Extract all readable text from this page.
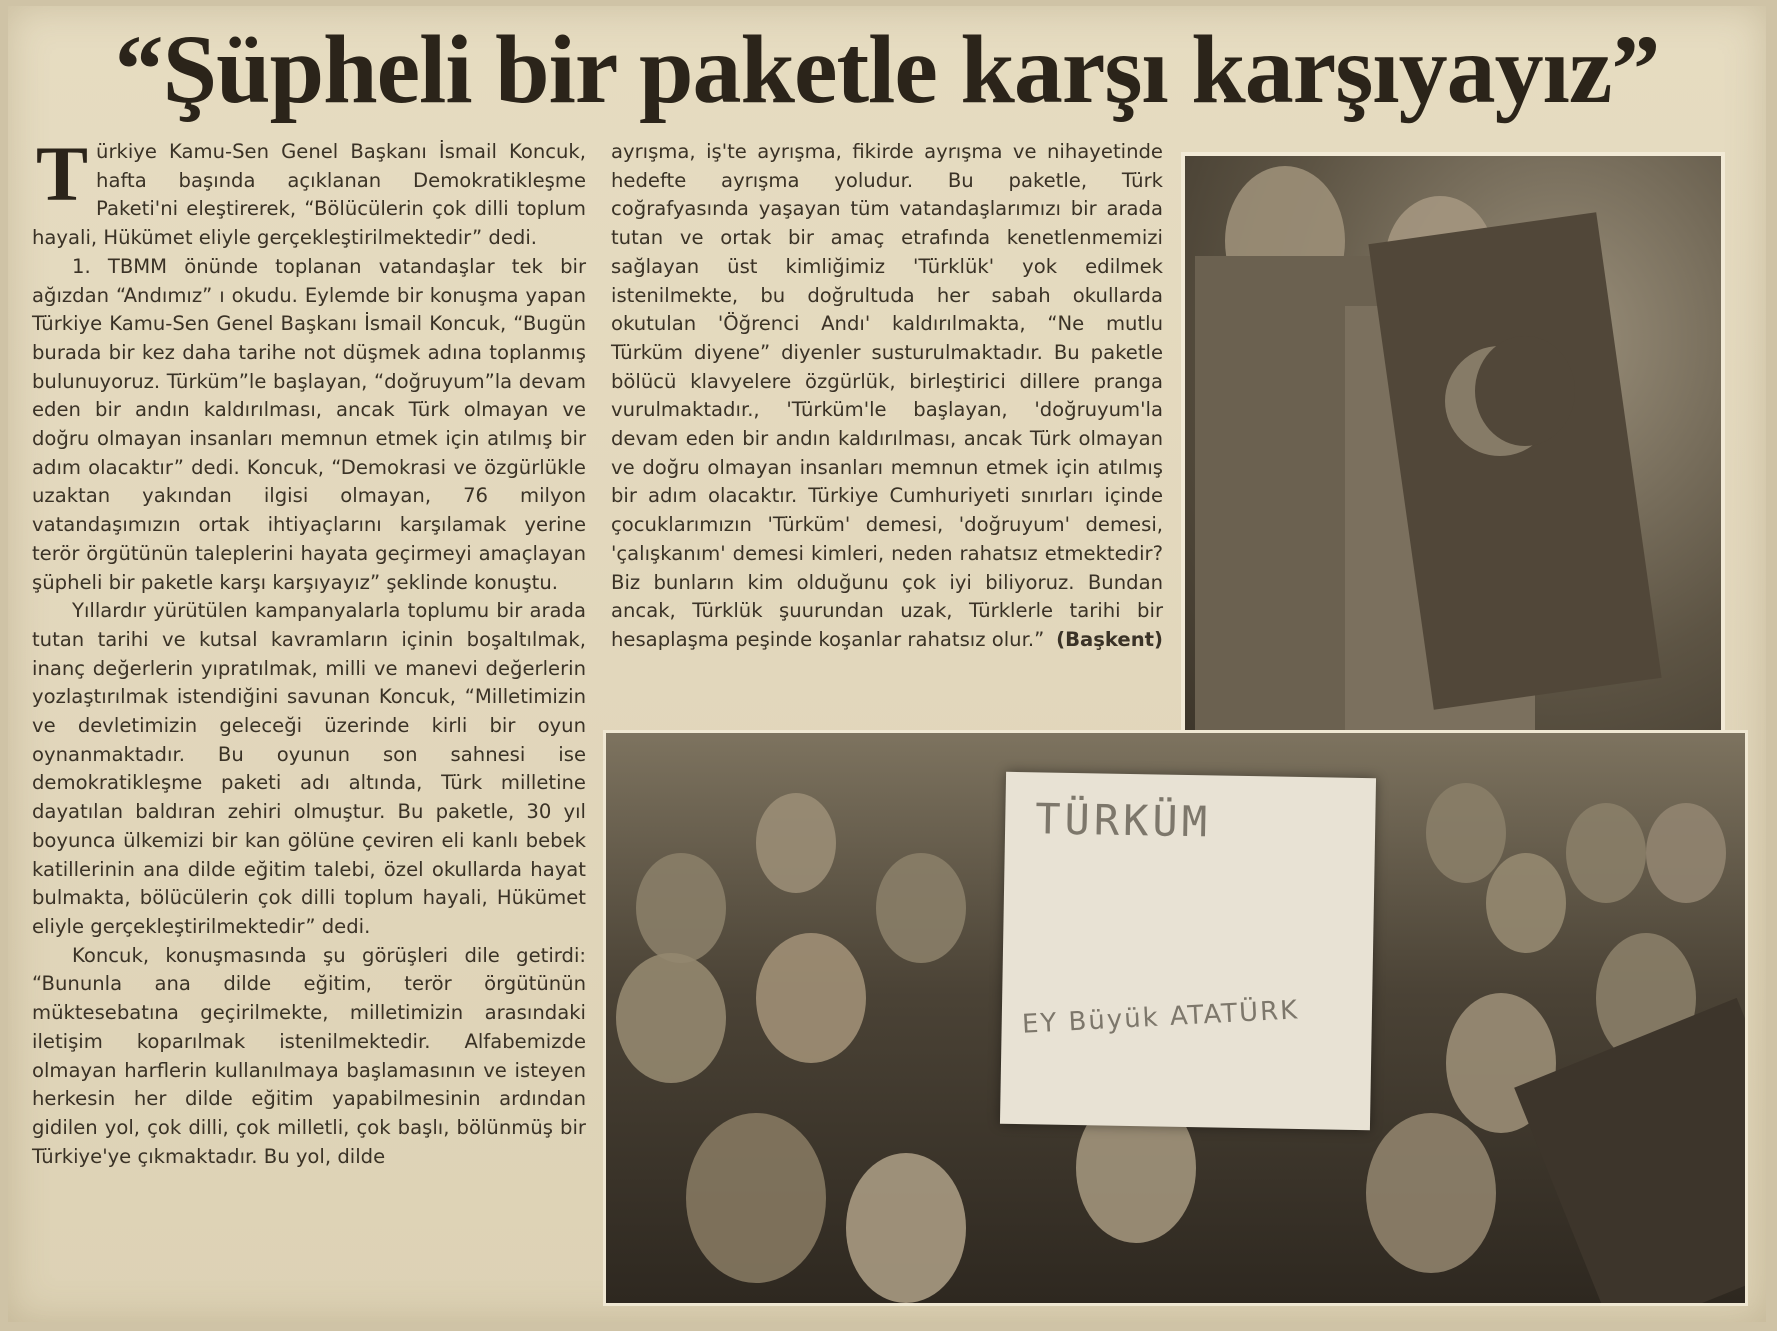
“Şüpheli bir paketle karşı karşıyayız”

Türkiye Kamu-Sen Genel Başkanı İsmail Koncuk, hafta başında açıklanan Demokratikleşme Paketi'ni eleştirerek, “Bölücülerin çok dilli toplum hayali, Hükümet eliyle gerçekleştirilmektedir” dedi.

1. TBMM önünde toplanan vatandaşlar tek bir ağızdan “Andımız” ı okudu. Eylemde bir konuşma yapan Türkiye Kamu-Sen Genel Başkanı İsmail Koncuk, “Bugün burada bir kez daha tarihe not düşmek adına toplanmış bulunuyoruz. Türküm”le başlayan, “doğruyum”la devam eden bir andın kaldırılması, ancak Türk olmayan ve doğru olmayan insanları memnun etmek için atılmış bir adım olacaktır” dedi. Koncuk, “Demokrasi ve özgürlükle uzaktan yakından ilgisi olmayan, 76 milyon vatandaşımızın ortak ihtiyaçlarını karşılamak yerine terör örgütünün taleplerini hayata geçirmeyi amaçlayan şüpheli bir paketle karşı karşıyayız” şeklinde konuştu.

Yıllardır yürütülen kampanyalarla toplumu bir arada tutan tarihi ve kutsal kavramların içinin boşaltılmak, inanç değerlerin yıpratılmak, milli ve manevi değerlerin yozlaştırılmak istendiğini savunan Koncuk, “Milletimizin ve devletimizin geleceği üzerinde kirli bir oyun oynanmaktadır. Bu oyunun son sahnesi ise demokratikleşme paketi adı altında, Türk milletine dayatılan baldıran zehiri olmuştur. Bu paketle, 30 yıl boyunca ülkemizi bir kan gölüne çeviren eli kanlı bebek katillerinin ana dilde eğitim talebi, özel okullarda hayat bulmakta, bölücülerin çok dilli toplum hayali, Hükümet eliyle gerçekleştirilmektedir” dedi.

Koncuk, konuşmasında şu görüşleri dile getirdi: “Bununla ana dilde eğitim, terör örgütünün müktesebatına geçirilmekte, milletimizin arasındaki iletişim koparılmak istenilmektedir. Alfabemizde olmayan harflerin kullanılmaya başlamasının ve isteyen herkesin her dilde eğitim yapabilmesinin ardından gidilen yol, çok dilli, çok milletli, çok başlı, bölünmüş bir Türkiye'ye çıkmaktadır. Bu yol, dilde

ayrışma, iş'te ayrışma, fikirde ayrışma ve nihayetinde hedefte ayrışma yoludur. Bu paketle, Türk coğrafyasında yaşayan tüm vatandaşlarımızı bir arada tutan ve ortak bir amaç etrafında kenetlenmemizi sağlayan üst kimliğimiz 'Türklük' yok edilmek istenilmekte, bu doğrultuda her sabah okullarda okutulan 'Öğrenci Andı' kaldırılmakta, “Ne mutlu Türküm diyene” diyenler susturulmaktadır. Bu paketle bölücü klavyelere özgürlük, birleştirici dillere pranga vurulmaktadır., 'Türküm'le başlayan, 'doğruyum'la devam eden bir andın kaldırılması, ancak Türk olmayan ve doğru olmayan insanları memnun etmek için atılmış bir adım olacaktır. Türkiye Cumhuriyeti sınırları içinde çocuklarımızın 'Türküm' demesi, 'doğruyum' demesi, 'çalışkanım' demesi kimleri, neden rahatsız etmektedir? Biz bunların kim olduğunu çok iyi biliyoruz. Bundan ancak, Türklük şuurundan uzak, Türklerle tarihi bir hesaplaşma peşinde koşanlar rahatsız olur.” (Başkent)
TÜRKÜM
EY Büyük ATATÜRK
